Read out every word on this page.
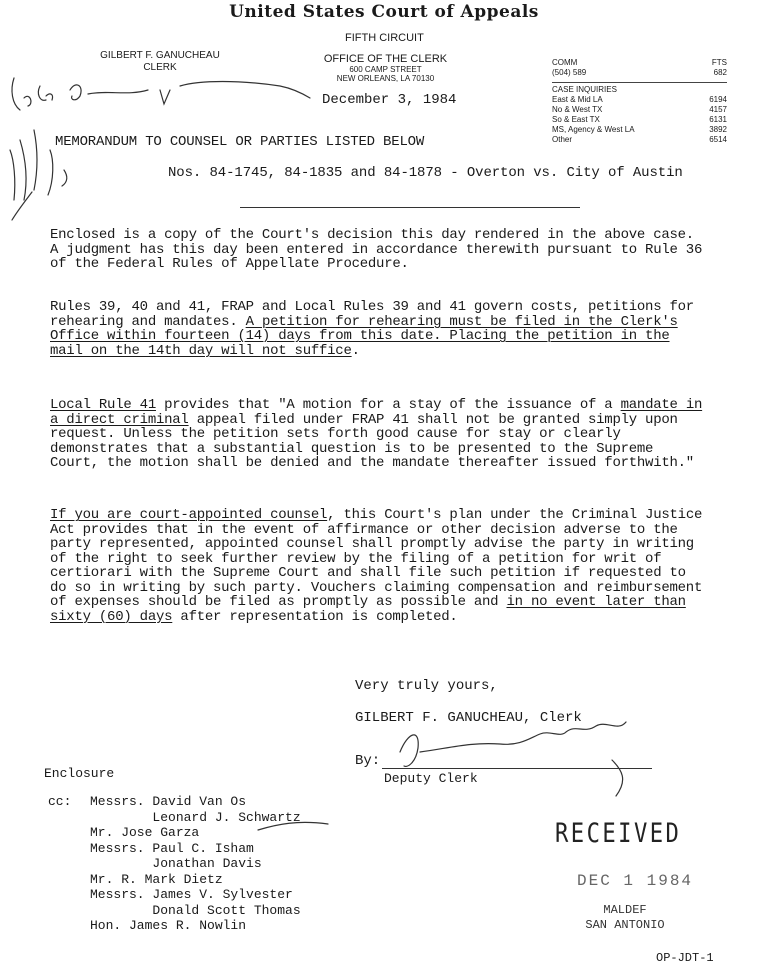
United States Court of Appeals
FIFTH CIRCUIT
GILBERT F. GANUCHEAU
CLERK
OFFICE OF THE CLERK
600 CAMP STREET
NEW ORLEANS, LA 70130
COMM	FTS
(504) 589	682
CASE INQUIRIES
East & Mid LA	6194
No & West TX	4157
So & East TX	6131
MS, Agency & West LA	3892
Other	6514
December 3, 1984
MEMORANDUM TO COUNSEL OR PARTIES LISTED BELOW
Nos. 84-1745, 84-1835 and 84-1878 - Overton vs. City of Austin

Enclosed is a copy of the Court's decision this day rendered in the above case. A judgment has this day been entered in accordance therewith pursuant to Rule 36 of the Federal Rules of Appellate Procedure.

Rules 39, 40 and 41, FRAP and Local Rules 39 and 41 govern costs, petitions for rehearing and mandates. A petition for rehearing must be filed in the Clerk's Office within fourteen (14) days from this date. Placing the petition in the mail on the 14th day will not suffice.

Local Rule 41 provides that "A motion for a stay of the issuance of a mandate in a direct criminal appeal filed under FRAP 41 shall not be granted simply upon request. Unless the petition sets forth good cause for stay or clearly demonstrates that a substantial question is to be presented to the Supreme Court, the motion shall be denied and the mandate thereafter issued forthwith."

If you are court-appointed counsel, this Court's plan under the Criminal Justice Act provides that in the event of affirmance or other decision adverse to the party represented, appointed counsel shall promptly advise the party in writing of the right to seek further review by the filing of a petition for writ of certiorari with the Supreme Court and shall file such petition if requested to do so in writing by such party. Vouchers claiming compensation and reimbursement of expenses should be filed as promptly as possible and in no event later than sixty (60) days after representation is completed.

Very truly yours,
GILBERT F. GANUCHEAU, Clerk
By:
Deputy Clerk
Enclosure
cc:	Messrs. David Van Os
Leonard J. Schwartz
Mr. Jose Garza
Messrs. Paul C. Isham
Jonathan Davis
Mr. R. Mark Dietz
Messrs. James V. Sylvester
Donald Scott Thomas
Hon. James R. Nowlin
RECEIVED
DEC 1 1984
MALDEF
SAN ANTONIO
OP-JDT-1
